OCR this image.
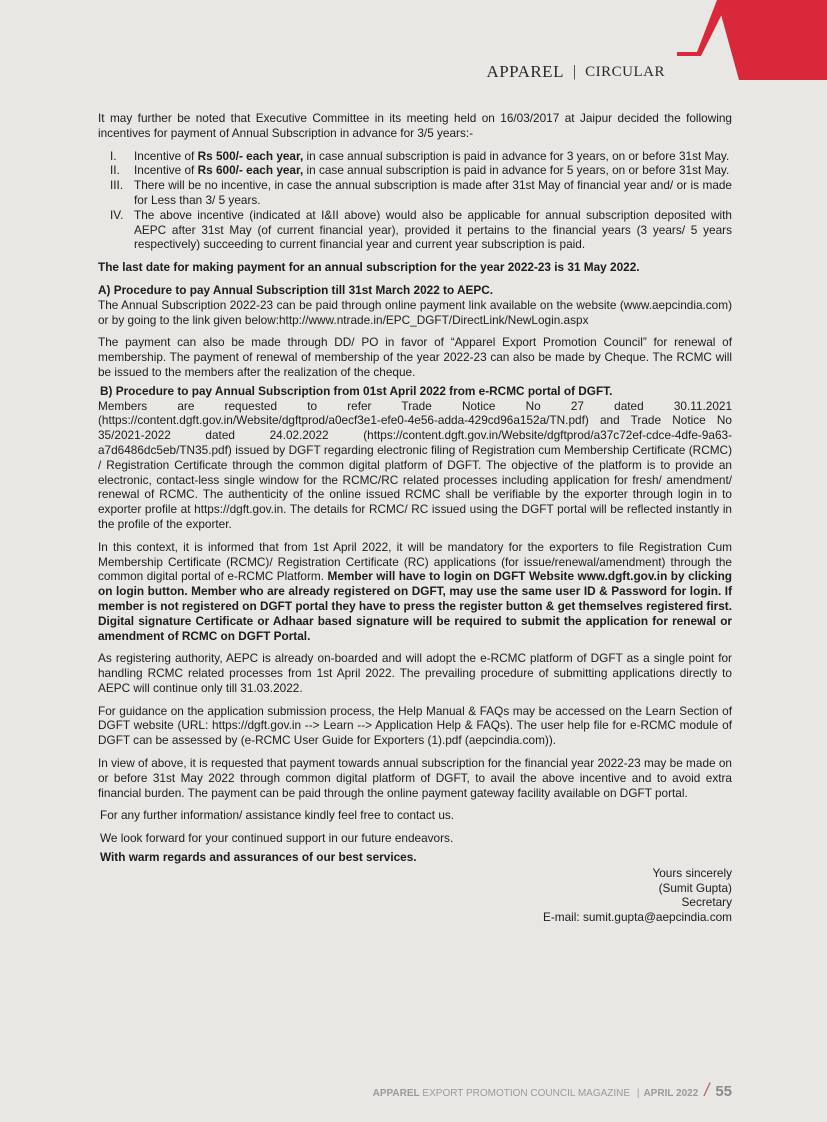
APPAREL | CIRCULAR

It may further be noted that Executive Committee in its meeting held on 16/03/2017 at Jaipur decided the following incentives for payment of Annual Subscription in advance for 3/5 years:-

I.	Incentive of Rs 500/- each year, in case annual subscription is paid in advance for 3 years, on or before 31st May.
II.	Incentive of Rs 600/- each year, in case annual subscription is paid in advance for 5 years, on or before 31st May.
III. There will be no incentive, in case the annual subscription is made after 31st May of financial year and/ or is made for Less than 3/ 5 years.
IV. The above incentive (indicated at I&II above) would also be applicable for annual subscription deposited with AEPC after 31st May (of current financial year), provided it pertains to the financial years (3 years/ 5 years respectively) succeeding to current financial year and current year subscription is paid.

The last date for making payment for an annual subscription for the year 2022-23 is 31 May 2022.

A) Procedure to pay Annual Subscription till 31st March 2022 to AEPC.

The Annual Subscription 2022-23 can be paid through online payment link available on the website (www.aepcindia.com) or by going to the link given below:http://www.ntrade.in/EPC_DGFT/DirectLink/NewLogin.aspx

The payment can also be made through DD/ PO in favor of “Apparel Export Promotion Council” for renewal of membership. The payment of renewal of membership of the year 2022-23 can also be made by Cheque. The RCMC will be issued to the members after the realization of the cheque.

B) Procedure to pay Annual Subscription from 01st April 2022 from e-RCMC portal of DGFT.

Members are requested to refer Trade Notice No 27 dated 30.11.2021 (https://content.dgft.gov.in/Website/dgftprod/a0ecf3e1-efe0-4e56-adda-429cd96a152a/TN.pdf) and Trade Notice No 35/2021-2022 dated 24.02.2022 (https://content.dgft.gov.in/Website/dgftprod/a37c72ef-cdce-4dfe-9a63-a7d6486dc5eb/TN35.pdf) issued by DGFT regarding electronic filing of Registration cum Membership Certificate (RCMC) / Registration Certificate through the common digital platform of DGFT. The objective of the platform is to provide an electronic, contact-less single window for the RCMC/RC related processes including application for fresh/ amendment/ renewal of RCMC. The authenticity of the online issued RCMC shall be verifiable by the exporter through login in to exporter profile at https://dgft.gov.in. The details for RCMC/ RC issued using the DGFT portal will be reflected instantly in the profile of the exporter.

In this context, it is informed that from 1st April 2022, it will be mandatory for the exporters to file Registration Cum Membership Certificate (RCMC)/ Registration Certificate (RC) applications (for issue/renewal/amendment) through the common digital portal of e-RCMC Platform. Member will have to login on DGFT Website www.dgft.gov.in by clicking on login button. Member who are already registered on DGFT, may use the same user ID & Password for login. If member is not registered on DGFT portal they have to press the register button & get themselves registered first. Digital signature Certificate or Adhaar based signature will be required to submit the application for renewal or amendment of RCMC on DGFT Portal.

As registering authority, AEPC is already on-boarded and will adopt the e-RCMC platform of DGFT as a single point for handling RCMC related processes from 1st April 2022. The prevailing procedure of submitting applications directly to AEPC will continue only till 31.03.2022.

For guidance on the application submission process, the Help Manual & FAQs may be accessed on the Learn Section of DGFT website (URL: https://dgft.gov.in --> Learn --> Application Help & FAQs). The user help file for e-RCMC module of DGFT can be assessed by (e-RCMC User Guide for Exporters (1).pdf (aepcindia.com)).

In view of above, it is requested that payment towards annual subscription for the financial year 2022-23 may be made on or before 31st May 2022 through common digital platform of DGFT, to avail the above incentive and to avoid extra financial burden. The payment can be paid through the online payment gateway facility available on DGFT portal.

For any further information/ assistance kindly feel free to contact us.

We look forward for your continued support in our future endeavors.

With warm regards and assurances of our best services.

Yours sincerely
(Sumit Gupta)
Secretary
E-mail: sumit.gupta@aepcindia.com
APPAREL EXPORT PROMOTION COUNCIL MAGAZINE | APRIL 2022 / 55
